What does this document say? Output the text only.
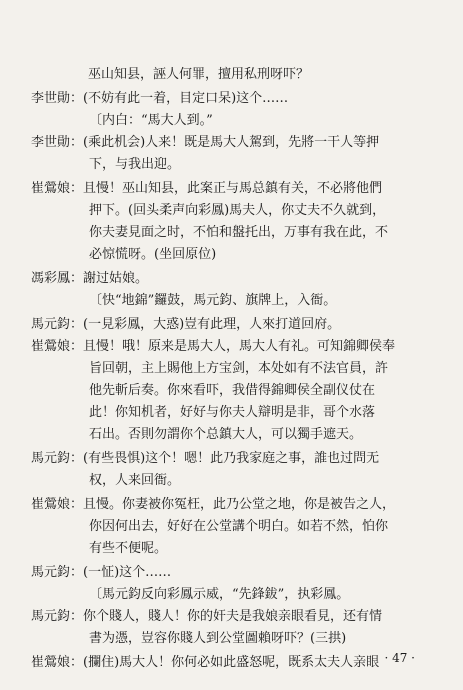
巫山知县，誣人何罪，擅用私刑呀吓？
李世勛：(不妨有此一着，目定口呆)这个……
〔内白：“馬大人到。”
李世勛：(乘此机会)人来！既是馬大人駕到，先將一干人等押
下，与我出迎。
崔鶯娘：且慢！巫山知县，此案正与馬总鎮有关，不必將他們
押下。(回头柔声向彩鳳)馬夫人，你丈夫不久就到，
你夫妻見面之时，不怕和盤托出，万事有我在此，不
必惊慌呀。(坐回原位)
馮彩鳳：謝过姑娘。
〔快“地錦”鑼鼓，馬元鈞、旗牌上，入衙。
馬元鈞：(一見彩鳳，大惑)豈有此理，人來打道回府。
崔鶯娘：且慢！哦！原来是馬大人，馬大人有礼。可知錦卿侯奉
旨回朝，主上賜他上方宝剑，本处如有不法官員，許
他先斬后奏。你來看吓，我借得錦卿侯全副仪仗在
此！你知机者，好好与你夫人辯明是非，哥个水落
石出。否則勿謂你个总鎮大人，可以獨手遮天。
馬元鈞：(有些畏惧)这个！嗯！此乃我家庭之事，誰也过問无
权，人来回衙。
崔鶯娘：且慢。你妻被你冤枉，此乃公堂之地，你是被告之人，
你因何出去，好好在公堂講个明白。如若不然，怕你
有些不便呢。
馬元鈞：(一怔)这个……
〔馬元鈞反向彩鳳示威，“先鋒鈸”，执彩鳳。
馬元鈞：你个賤人，賤人！你的奸夫是我娘亲眼看見，还有情
書为憑，豈容你賤人到公堂圖賴呀吓？(三拱)
崔鶯娘：(攔住)馬大人！你何必如此盛怒呢，既系太夫人亲眼 · 47 ·
